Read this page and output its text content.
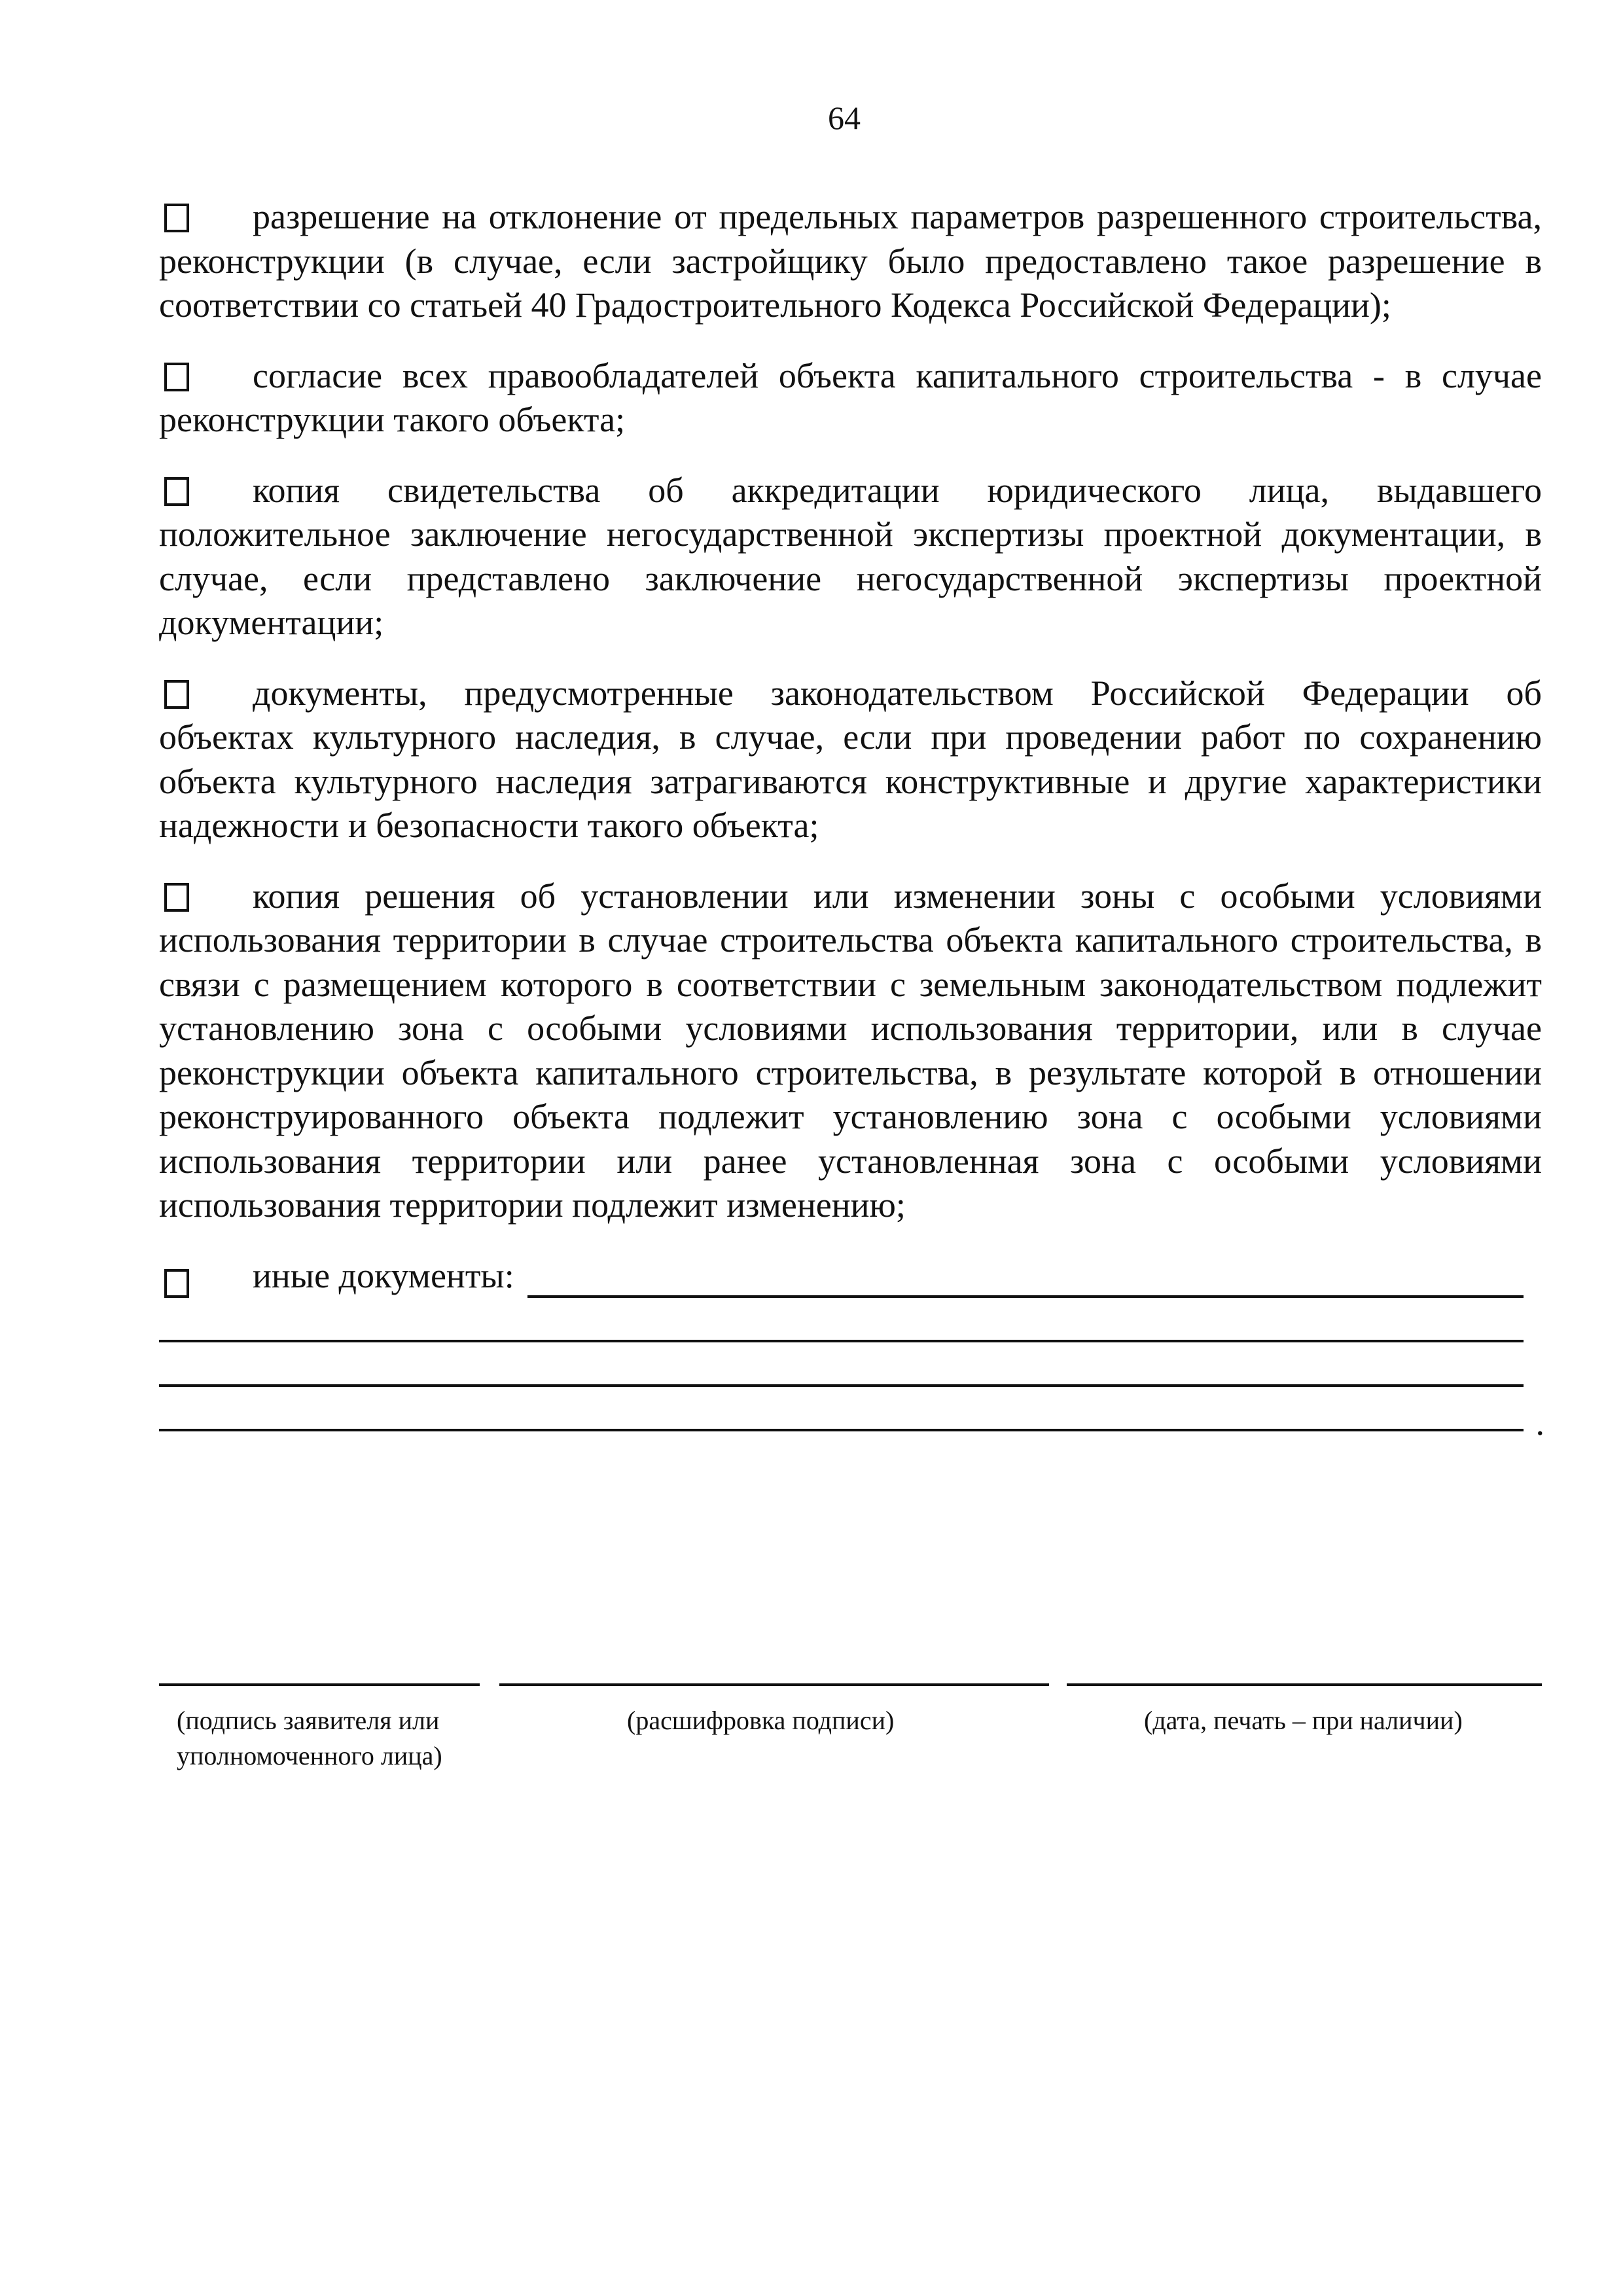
64
разрешение на отклонение от предельных параметров разрешенного строительства, реконструкции (в случае, если застройщику было предоставлено такое разрешение в соответствии со статьей 40 Градостроительного Кодекса Российской Федерации);
согласие всех правообладателей объекта капитального строительства - в случае реконструкции такого объекта;
копия свидетельства об аккредитации юридического лица, выдавшего положительное заключение негосударственной экспертизы проектной документации, в случае, если представлено заключение негосударственной экспертизы проектной документации;
документы, предусмотренные законодательством Российской Федерации об объектах культурного наследия, в случае, если при проведении работ по сохранению объекта культурного наследия затрагиваются конструктивные и другие характеристики надежности и безопасности такого объекта;
копия решения об установлении или изменении зоны с особыми условиями использования территории в случае строительства объекта капитального строительства, в связи с размещением которого в соответствии с земельным законодательством подлежит установлению зона с особыми условиями использования территории, или в случае реконструкции объекта капитального строительства, в результате которой в отношении реконструированного объекта подлежит установлению зона с особыми условиями использования территории или ранее установленная зона с особыми условиями использования территории подлежит изменению;
иные документы:
.
(подпись заявителя или уполномоченного лица)
(расшифровка подписи)	(дата, печать – при наличии)
